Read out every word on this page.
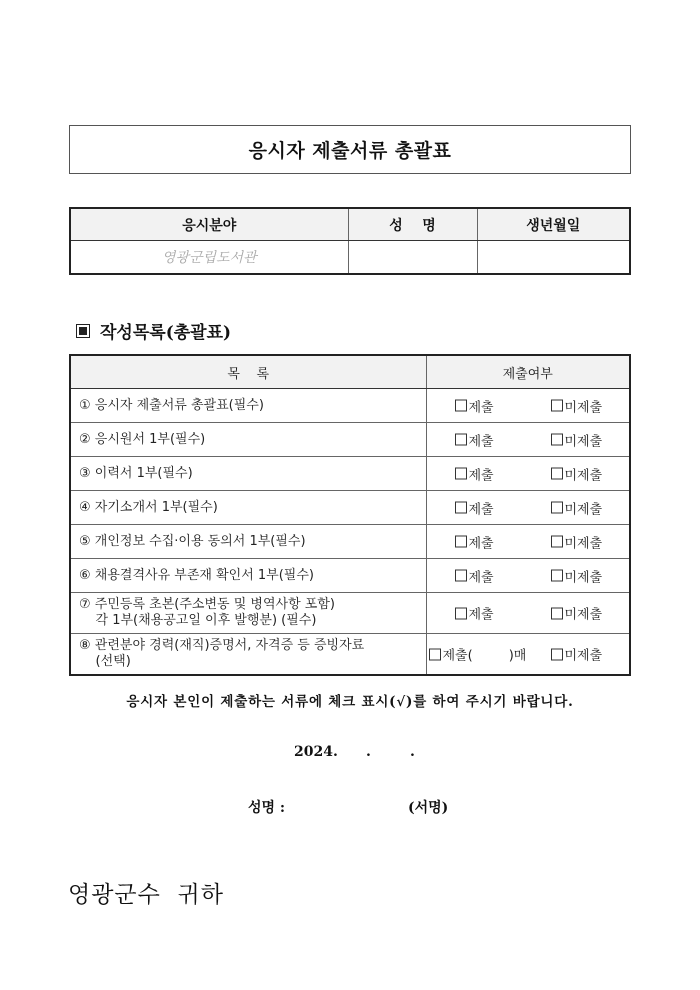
응시자 제출서류 총괄표
응시분야	성    명	생년월일
영광군립도서관		
작성목록(총괄표)
목    록	제출여부
① 응시자 제출서류 총괄표(필수)	제출 미제출

② 응시원서 1부(필수)	제출 미제출

③ 이력서 1부(필수)	제출 미제출

④ 자기소개서 1부(필수)	제출 미제출

⑤ 개인정보 수집·이용 동의서 1부(필수)	제출 미제출

⑥ 채용결격사유 부존재 확인서 1부(필수)	제출 미제출

⑦ 주민등록 초본(주소변동 및 병역사항 포함)
각 1부(채용공고일 이후 발행분) (필수)	제출	미제출

⑧ 관련분야 경력(재직)증명서, 자격증 등 증빙자료
(선택)	제출(	)매	미제출
응시자 본인이 제출하는 서류에 체크 표시(√)를 하여 주시기 바랍니다.
2024. .	.
성명 :	(서명)
영광군수  귀하
